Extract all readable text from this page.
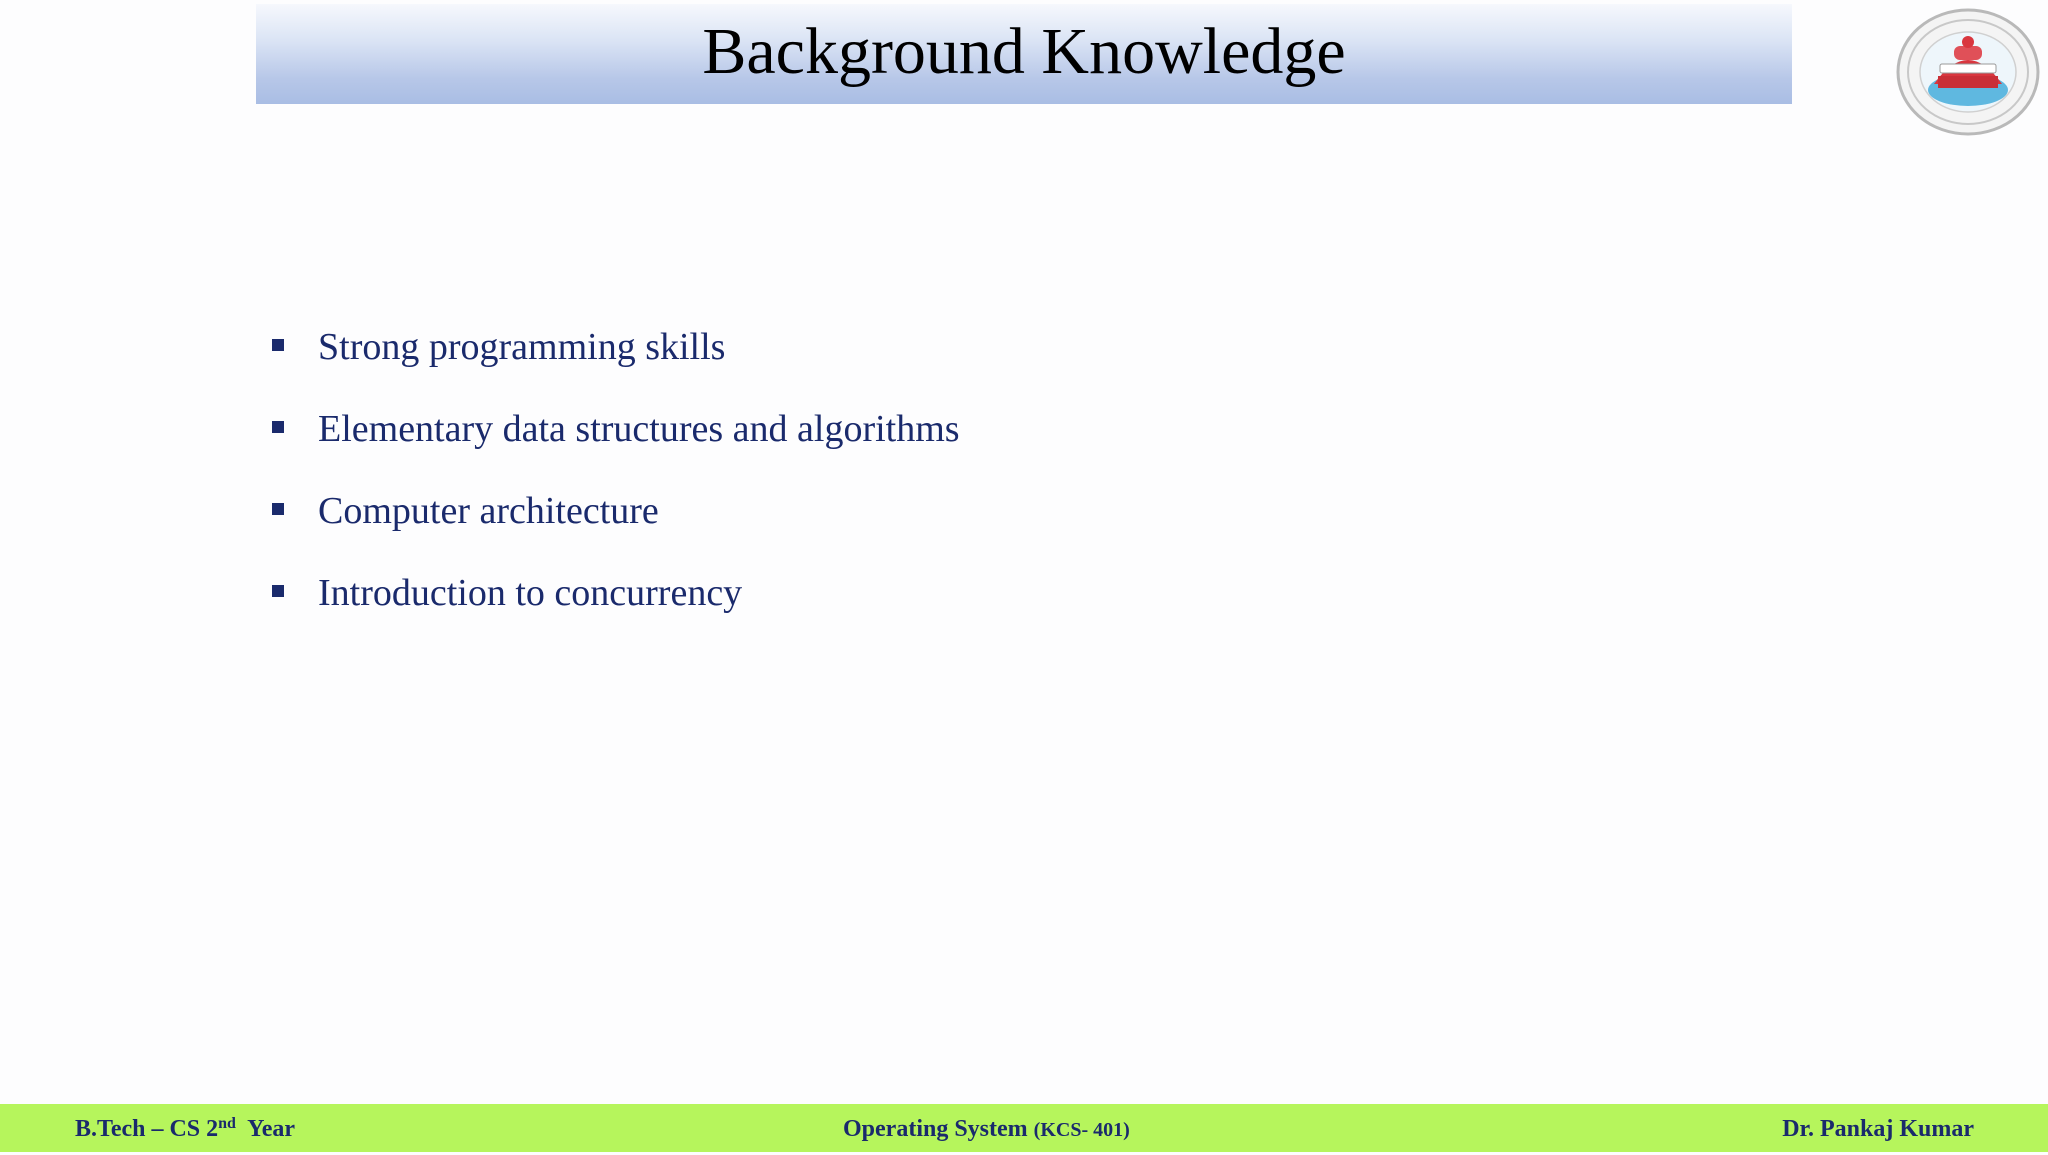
Background Knowledge
Strong programming skills
Elementary data structures and algorithms
Computer architecture
Introduction to concurrency
B.Tech – CS 2nd  Year	Operating System (KCS- 401)	Dr. Pankaj Kumar
